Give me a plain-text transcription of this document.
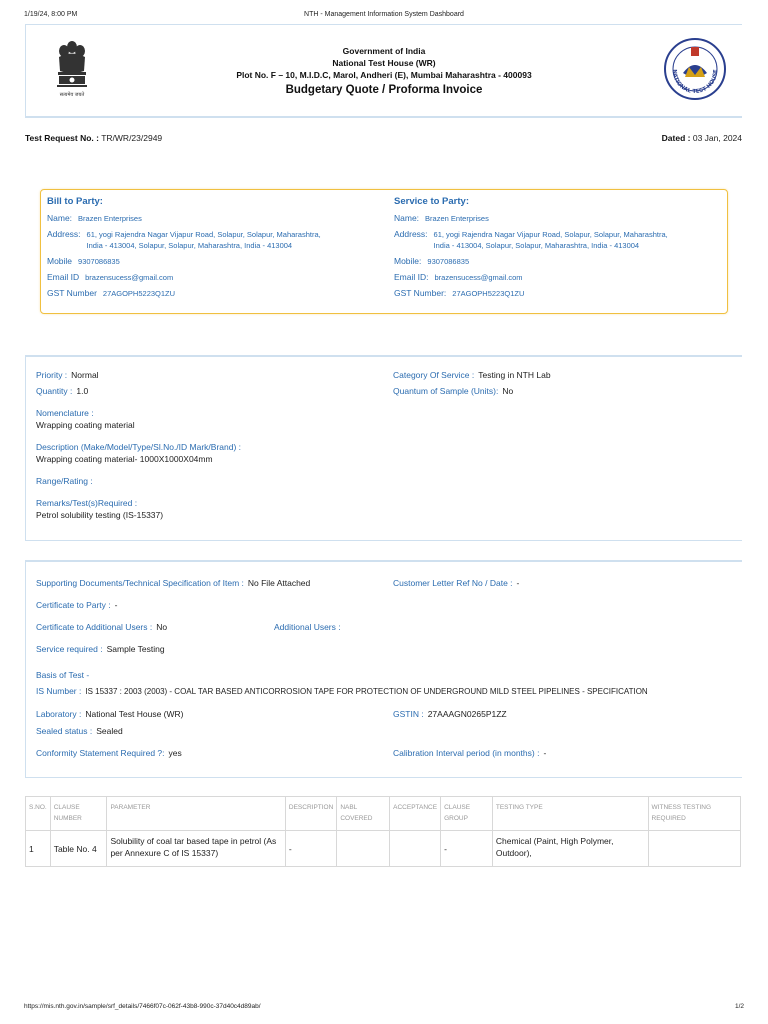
1/19/24, 8:00 PM	NTH - Management Information System Dashboard
सत्यमेव जयते
Government of India
National Test House (WR)
Plot No. F – 10, M.I.D.C, Marol, Andheri (E), Mumbai Maharashtra - 400093
Budgetary Quote / Proforma Invoice
NATIONAL TEST HOUSE
Test Request No. : TR/WR/23/2949	Dated : 03 Jan, 2024
Bill to Party:
Name: Brazen Enterprises
Address: 61, yogi Rajendra Nagar Vijapur Road, Solapur, Solapur, Maharashtra,
India - 413004, Solapur, Solapur, Maharashtra, India - 413004
Mobile 9307086835
Email ID brazensucess@gmail.com
GST Number 27AGOPH5223Q1ZU
Service to Party:
Name: Brazen Enterprises
Address: 61, yogi Rajendra Nagar Vijapur Road, Solapur, Solapur, Maharashtra,
India - 413004, Solapur, Solapur, Maharashtra, India - 413004
Mobile: 9307086835
Email ID: brazensucess@gmail.com
GST Number: 27AGOPH5223Q1ZU
Priority : Normal	Category Of Service : Testing in NTH Lab
Quantity : 1.0	Quantum of Sample (Units): No
Nomenclature :
Wrapping coating material
Description (Make/Model/Type/Sl.No./ID Mark/Brand) :
Wrapping coating material- 1000X1000X04mm
Range/Rating :
Remarks/Test(s)Required :
Petrol solubility testing (IS-15337)
Supporting Documents/Technical Specification of Item : No File Attached	Customer Letter Ref No / Date : -
Certificate to Party : -
Certificate to Additional Users : No	Additional Users :
Service required : Sample Testing
Basis of Test -
IS Number : IS 15337 : 2003 (2003) - COAL TAR BASED ANTICORROSION TAPE FOR PROTECTION OF UNDERGROUND MILD STEEL PIPELINES - SPECIFICATION
Laboratory : National Test House (WR)	GSTIN : 27AAAGN0265P1ZZ
Sealed status : Sealed
Conformity Statement Required ?: yes	Calibration Interval period (in months) : -
S.NO.	CLAUSE NUMBER	PARAMETER	DESCRIPTION	NABL COVERED	ACCEPTANCE	CLAUSE GROUP	TESTING TYPE	WITNESS TESTING REQUIRED
1	Table No. 4	Solubility of coal tar based tape in petrol (As per Annexure C of IS 15337)	-			-	Chemical (Paint, High Polymer, Outdoor),	
https://mis.nth.gov.in/sample/srf_details/7466f07c-062f-43b8-990c-37d40c4d89ab/	1/2
